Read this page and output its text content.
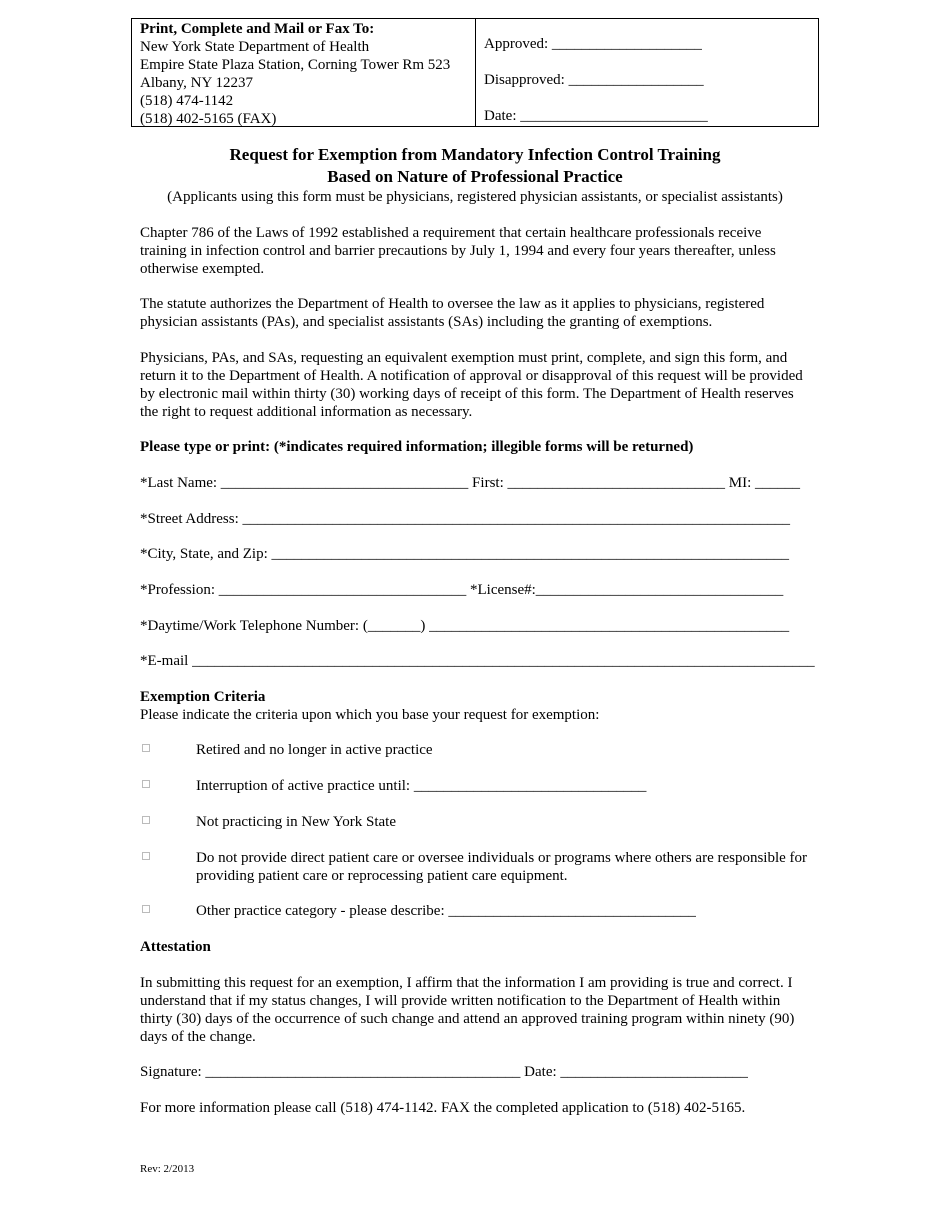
Print, Complete and Mail or Fax To:
New York State Department of Health
Empire State Plaza Station, Corning Tower Rm 523
Albany, NY 12237
(518) 474-1142
(518) 402-5165 (FAX)
Approved: ____________________
Disapproved: __________________
Date: _________________________
Request for Exemption from Mandatory Infection Control Training
Based on Nature of Professional Practice
(Applicants using this form must be physicians, registered physician assistants, or specialist assistants)
Chapter 786 of the Laws of 1992 established a requirement that certain healthcare professionals receive training in infection control and barrier precautions by July 1, 1994 and every four years thereafter, unless otherwise exempted.
The statute authorizes the Department of Health to oversee the law as it applies to physicians, registered physician assistants (PAs), and specialist assistants (SAs) including the granting of exemptions.
Physicians, PAs, and SAs, requesting an equivalent exemption must print, complete, and sign this form, and return it to the Department of Health. A notification of approval or disapproval of this request will be provided by electronic mail within thirty (30) working days of receipt of this form. The Department of Health reserves the right to request additional information as necessary.
Please type or print: (*indicates required information; illegible forms will be returned)
*Last Name: _________________________________ First: _____________________________ MI: ______
*Street Address: _________________________________________________________________________
*City, State, and Zip: _____________________________________________________________________
*Profession: _________________________________ *License#:_________________________________
*Daytime/Work Telephone Number: (_______) ________________________________________________
*E-mail ___________________________________________________________________________________
Exemption Criteria
Please indicate the criteria upon which you base your request for exemption:
Retired and no longer in active practice
Interruption of active practice until: _______________________________
Not practicing in New York State
Do not provide direct patient care or oversee individuals or programs where others are responsible for providing patient care or reprocessing patient care equipment.
Other practice category - please describe: _________________________________
Attestation
In submitting this request for an exemption, I affirm that the information I am providing is true and correct. I understand that if my status changes, I will provide written notification to the Department of Health within thirty (30) days of the occurrence of such change and attend an approved training program within ninety (90) days of the change.
Signature: __________________________________________ Date: _________________________
For more information please call (518) 474-1142. FAX the completed application to (518) 402-5165.
Rev: 2/2013
